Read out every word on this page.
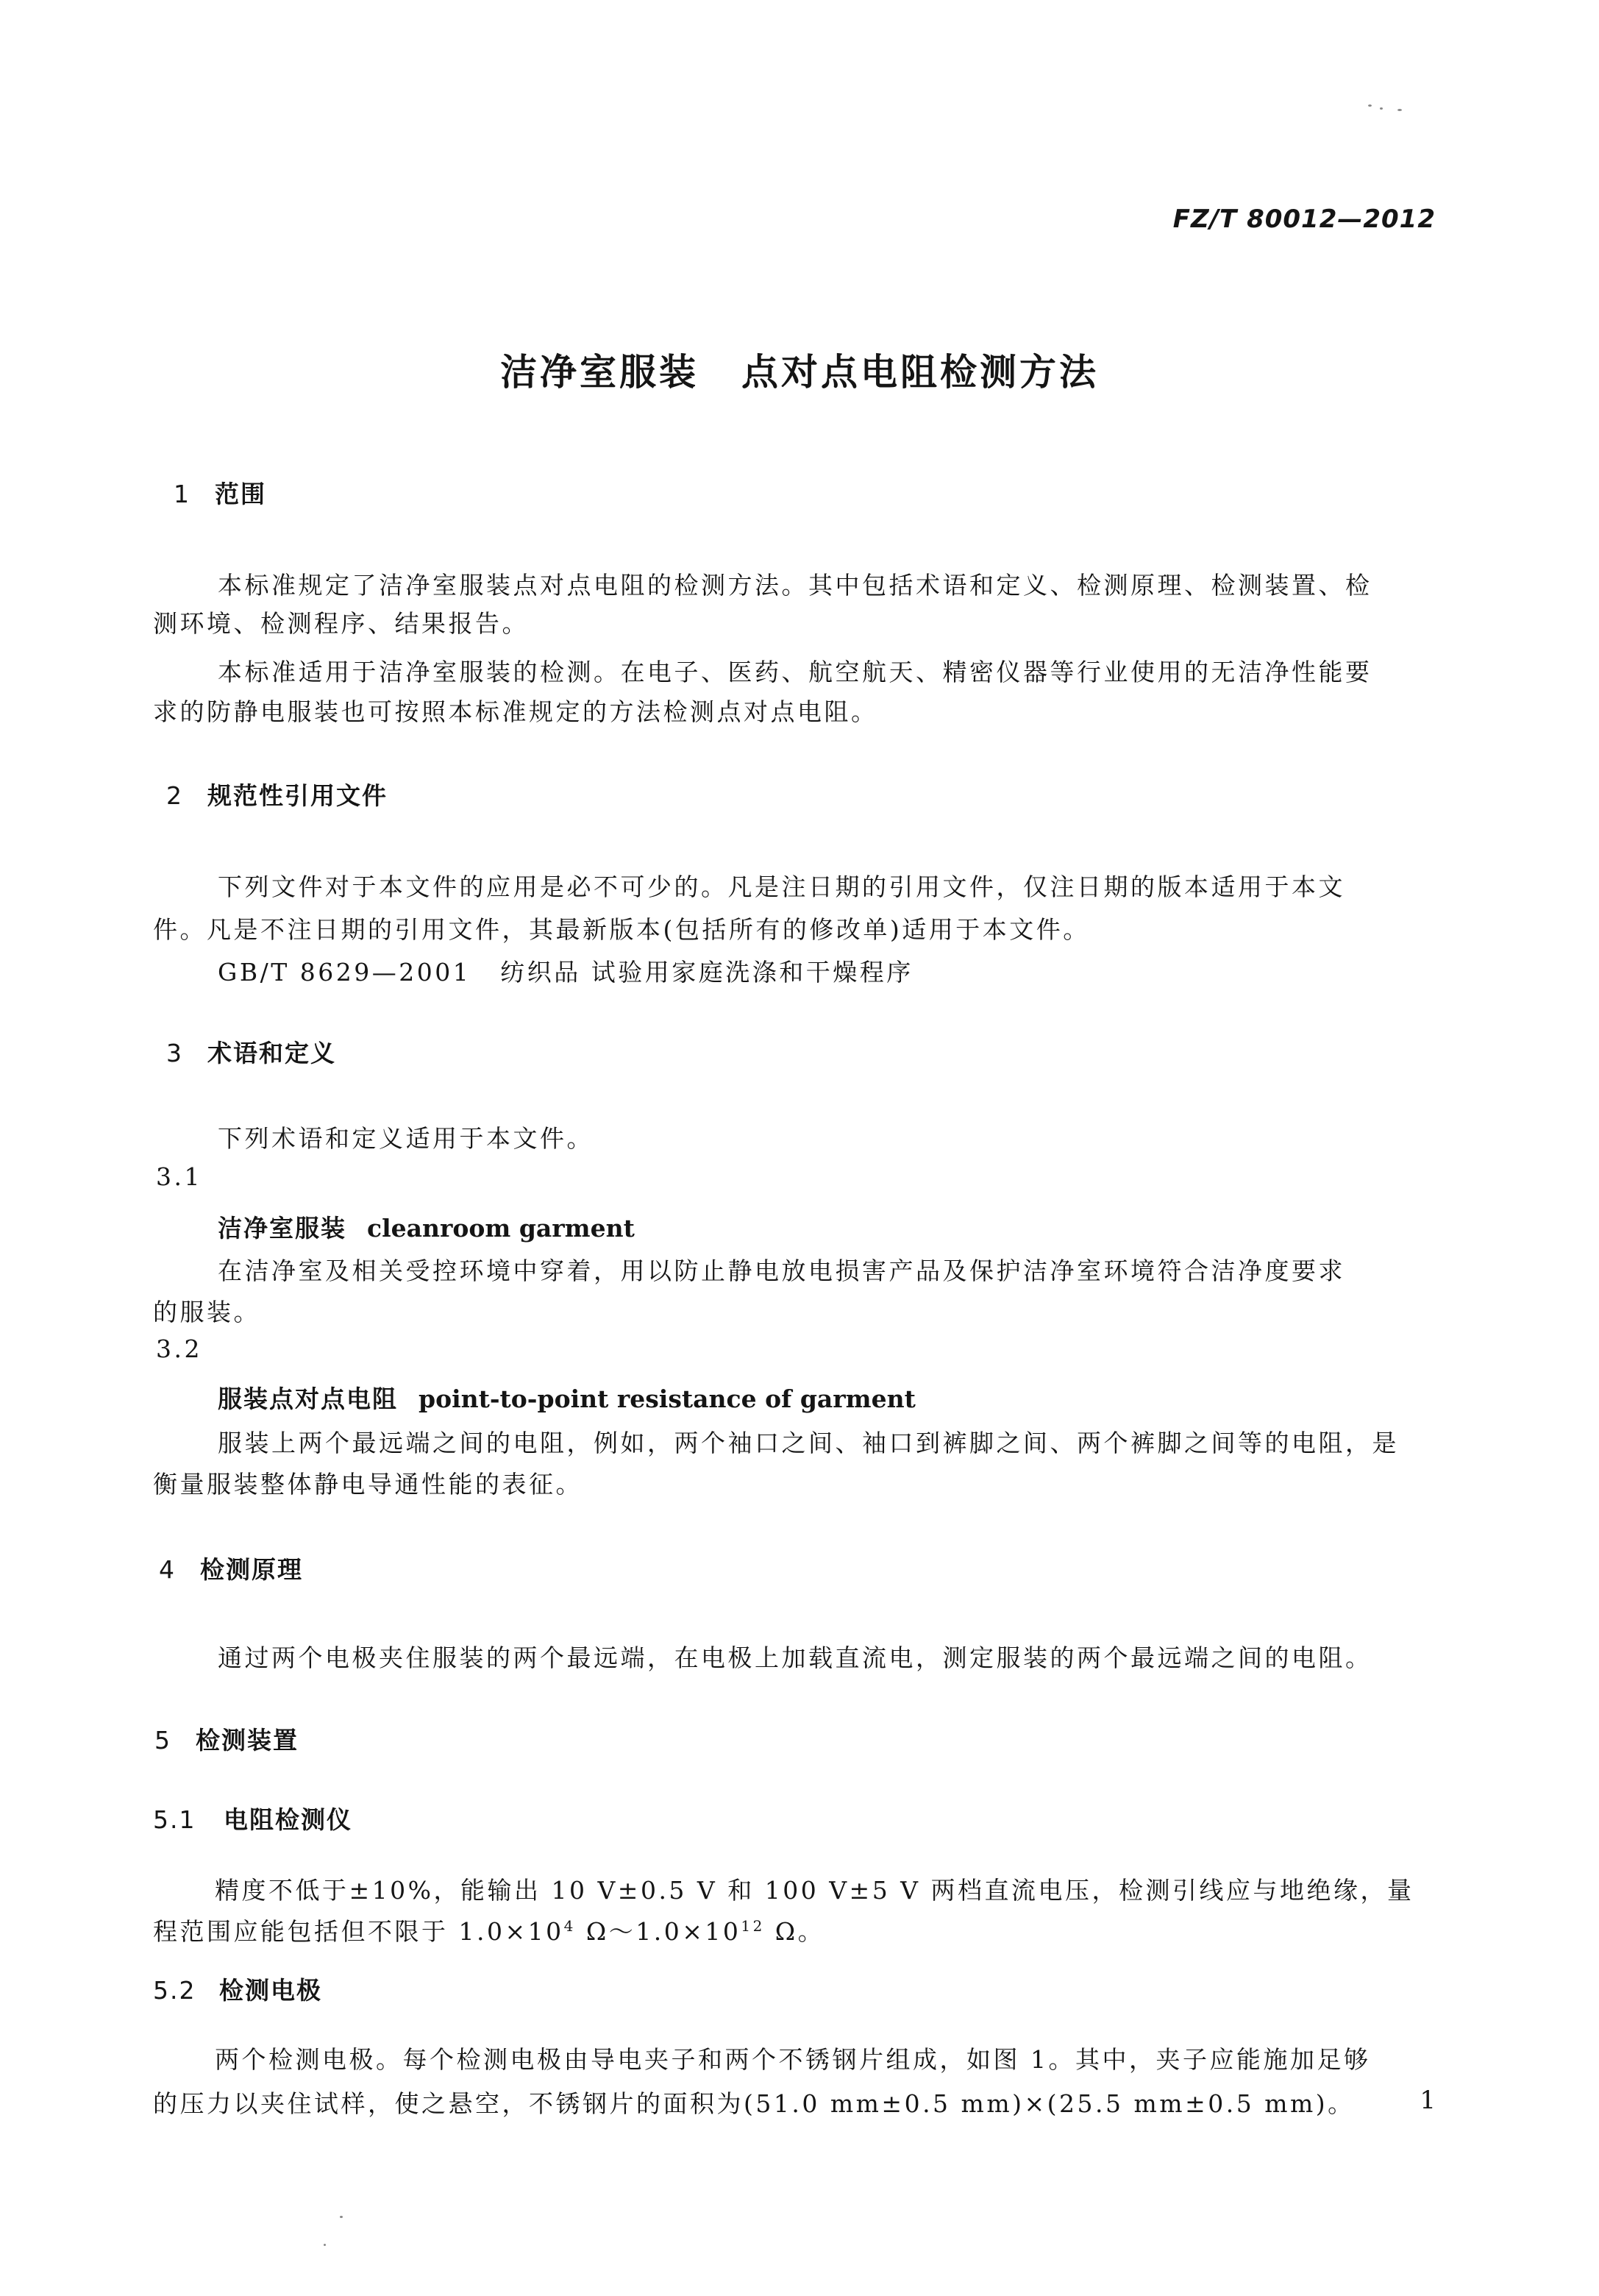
FZ/T 80012—2012
洁净室服装 点对点电阻检测方法
1 范围
本标准规定了洁净室服装点对点电阻的检测方法。其中包括术语和定义、检测原理、检测装置、检
测环境、检测程序、结果报告。
本标准适用于洁净室服装的检测。在电子、医药、航空航天、精密仪器等行业使用的无洁净性能要
求的防静电服装也可按照本标准规定的方法检测点对点电阻。
2 规范性引用文件
下列文件对于本文件的应用是必不可少的。凡是注日期的引用文件，仅注日期的版本适用于本文
件。凡是不注日期的引用文件，其最新版本(包括所有的修改单)适用于本文件。
GB/T 8629—2001 纺织品 试验用家庭洗涤和干燥程序
3 术语和定义
下列术语和定义适用于本文件。
3.1
洁净室服装 cleanroom garment
在洁净室及相关受控环境中穿着，用以防止静电放电损害产品及保护洁净室环境符合洁净度要求
的服装。
3.2
服装点对点电阻 point-to-point resistance of garment
服装上两个最远端之间的电阻，例如，两个袖口之间、袖口到裤脚之间、两个裤脚之间等的电阻，是
衡量服装整体静电导通性能的表征。
4 检测原理
通过两个电极夹住服装的两个最远端，在电极上加载直流电，测定服装的两个最远端之间的电阻。
5 检测装置
5.1 电阻检测仪
精度不低于±10%，能输出 10 V±0.5 V 和 100 V±5 V 两档直流电压，检测引线应与地绝缘，量
程范围应能包括但不限于 $1.0\times 10^4$ $\Omega\sim 1.0\times 10^{12}$ Ω。
5.2 检测电极
两个检测电极。每个检测电极由导电夹子和两个不锈钢片组成，如图 1。其中，夹子应能施加足够
的压力以夹住试样，使之悬空，不锈钢片的面积为(51.0 mm±0.5 mm)×(25.5 mm±0.5 mm)。	1
